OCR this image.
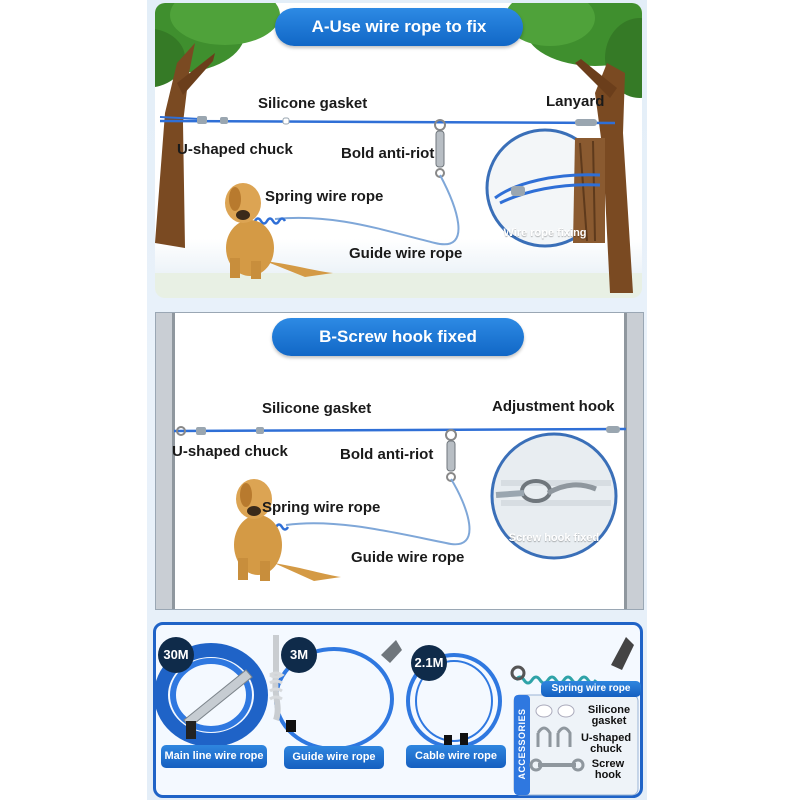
A-Use wire rope to fix
Silicone gasket	Lanyard
U-shaped chuck	Bold anti-riot
Spring wire rope
Guide wire rope
Wire rope fixing
B-Screw hook fixed
Silicone gasket	Adjustment hook
U-shaped chuck	Bold anti-riot
Spring wire rope
Guide wire rope
Screw hook fixed
30M	3M
2.1M
Main line wire rope	Guide wire rope	Cable wire rope
Spring wire rope
ACCESSORIES	Silicone gasket
U-shaped chuck
Screw hook
